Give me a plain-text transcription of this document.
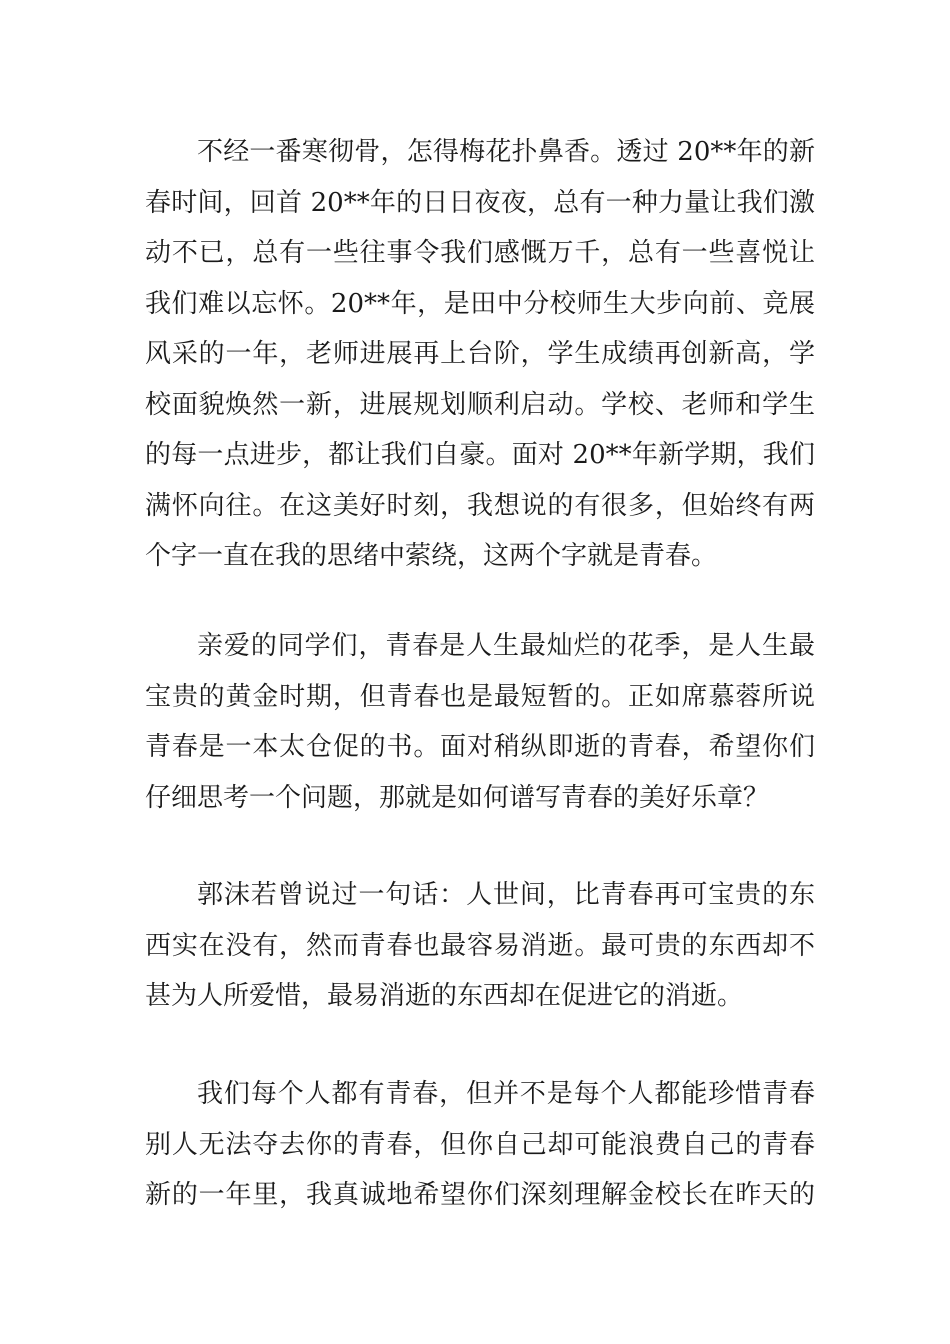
不经一番寒彻骨，怎得梅花扑鼻香。透过 20**年的新
春时间，回首 20**年的日日夜夜，总有一种力量让我们激
动不已，总有一些往事令我们感慨万千，总有一些喜悦让
我们难以忘怀。20**年，是田中分校师生大步向前、竞展
风采的一年，老师进展再上台阶，学生成绩再创新高，学
校面貌焕然一新，进展规划顺利启动。学校、老师和学生
的每一点进步，都让我们自豪。面对 20**年新学期，我们
满怀向往。在这美好时刻，我想说的有很多，但始终有两
个字一直在我的思绪中萦绕，这两个字就是青春。
亲爱的同学们，青春是人生最灿烂的花季，是人生最
宝贵的黄金时期，但青春也是最短暂的。正如席慕蓉所说
青春是一本太仓促的书。面对稍纵即逝的青春，希望你们
仔细思考一个问题，那就是如何谱写青春的美好乐章？
郭沫若曾说过一句话：人世间，比青春再可宝贵的东
西实在没有，然而青春也最容易消逝。最可贵的东西却不
甚为人所爱惜，最易消逝的东西却在促进它的消逝。
我们每个人都有青春，但并不是每个人都能珍惜青春
别人无法夺去你的青春，但你自己却可能浪费自己的青春
新的一年里，我真诚地希望你们深刻理解金校长在昨天的
